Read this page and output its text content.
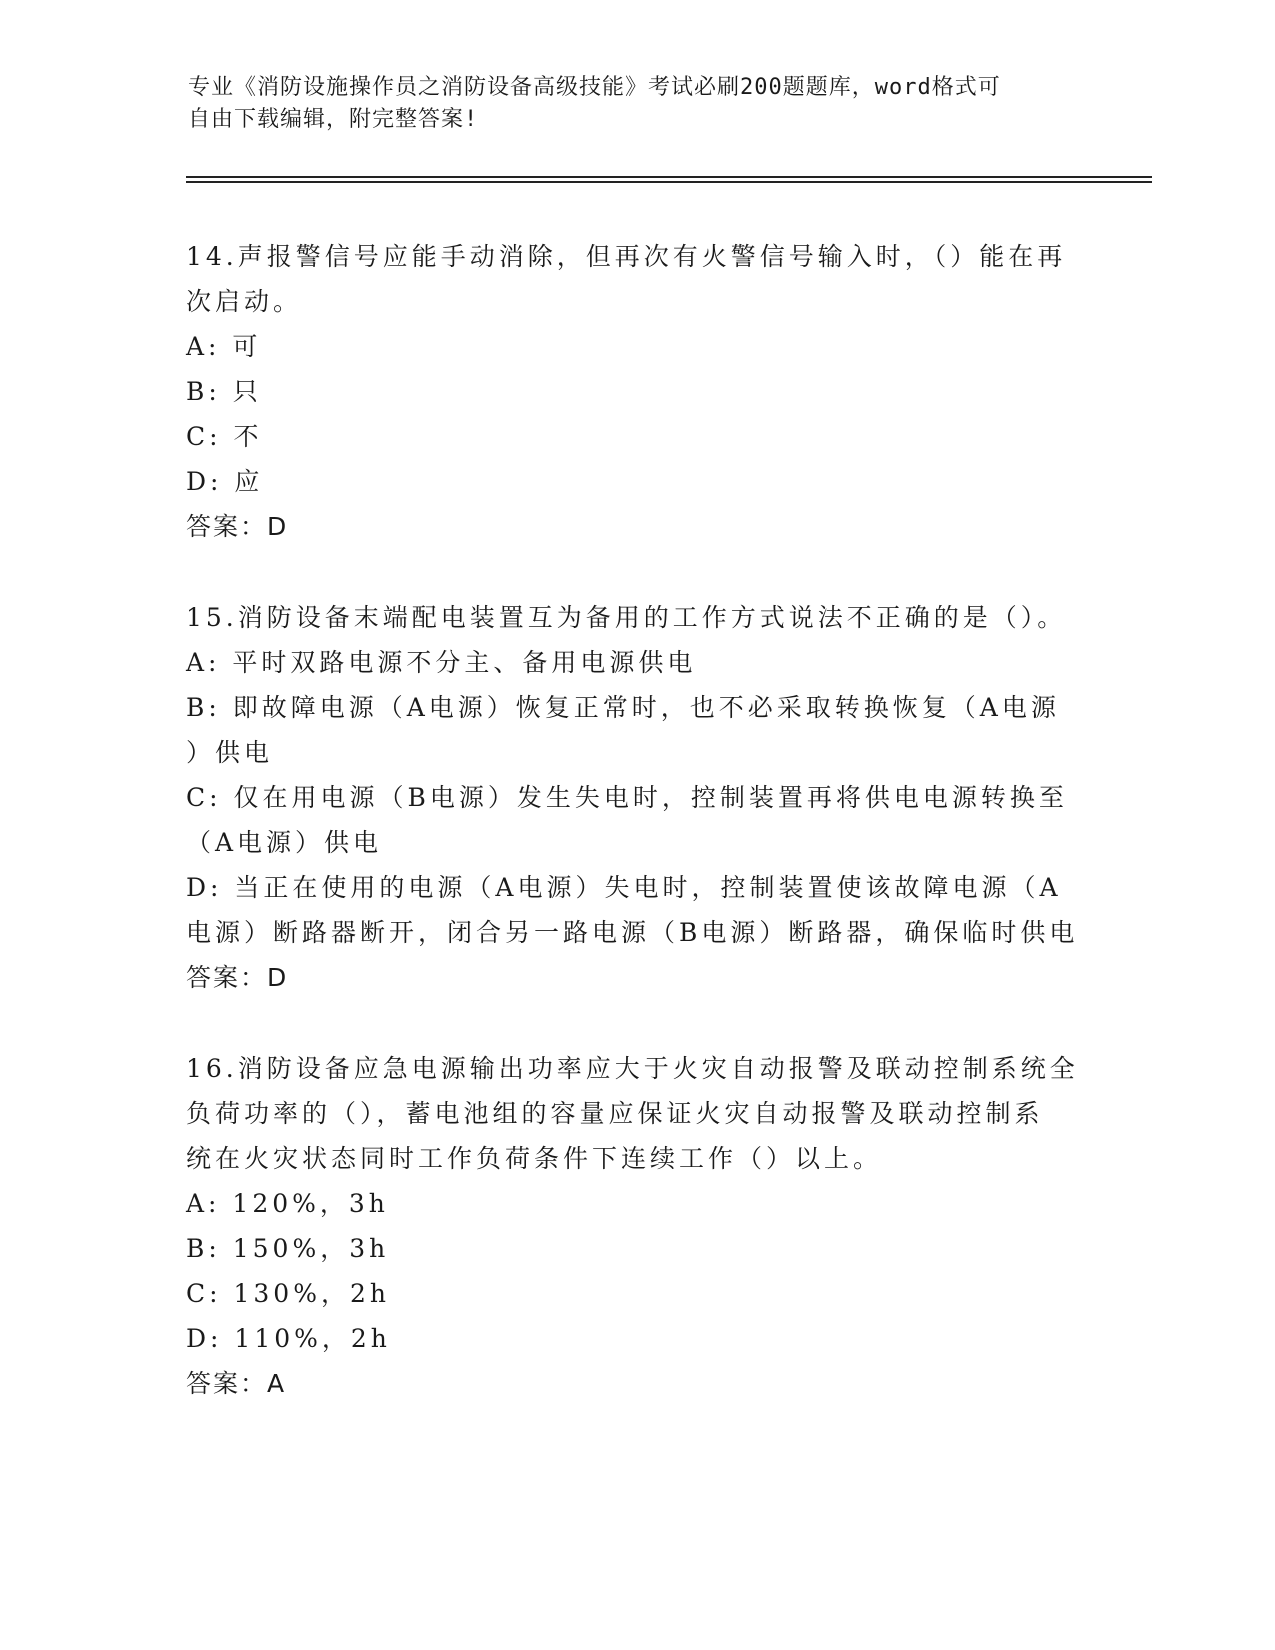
专业《消防设施操作员之消防设备高级技能》考试必刷200题题库，word格式可
自由下载编辑，附完整答案!

14.声报警信号应能手动消除，但再次有火警信号输入时，（）能在再
次启动。

A: 可

B: 只

C: 不

D: 应

答案：D

15.消防设备末端配电装置互为备用的工作方式说法不正确的是（）。

A: 平时双路电源不分主、备用电源供电

B: 即故障电源（A电源）恢复正常时，也不必采取转换恢复（A电源
）供电

C: 仅在用电源（B电源）发生失电时，控制装置再将供电电源转换至
（A电源）供电

D: 当正在使用的电源（A电源）失电时，控制装置使该故障电源（A
电源）断路器断开，闭合另一路电源（B电源）断路器，确保临时供电

答案：D

16.消防设备应急电源输出功率应大于火灾自动报警及联动控制系统全
负荷功率的（），蓄电池组的容量应保证火灾自动报警及联动控制系
统在火灾状态同时工作负荷条件下连续工作（）以上。

A: 120%，3h

B: 150%，3h

C: 130%，2h

D: 110%，2h

答案：A
